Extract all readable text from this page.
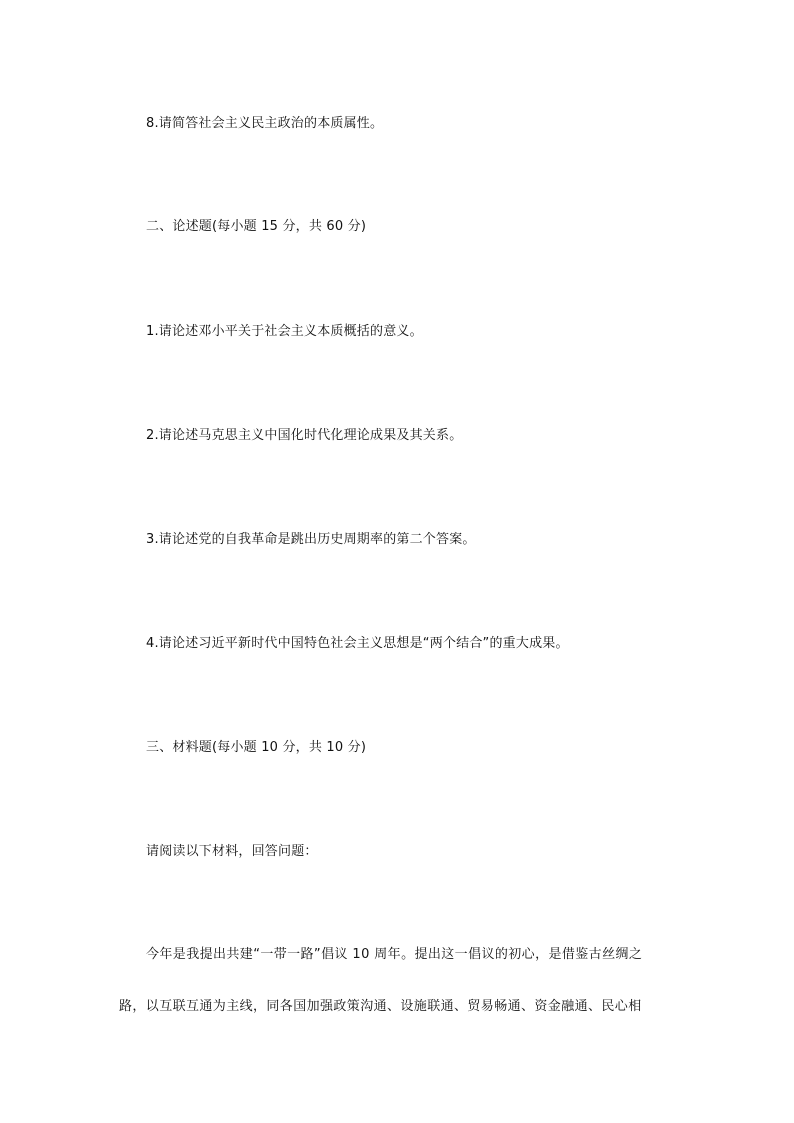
8.请简答社会主义民主政治的本质属性。
二、论述题(每小题 15 分，共 60 分)
1.请论述邓小平关于社会主义本质概括的意义。
2.请论述马克思主义中国化时代化理论成果及其关系。
3.请论述党的自我革命是跳出历史周期率的第二个答案。
4.请论述习近平新时代中国特色社会主义思想是“两个结合”的重大成果。
三、材料题(每小题 10 分，共 10 分)
请阅读以下材料，回答问题：
今年是我提出共建“一带一路”倡议 10 周年。提出这一倡议的初心，是借鉴古丝绸之
路，以互联互通为主线，同各国加强政策沟通、设施联通、贸易畅通、资金融通、民心相
